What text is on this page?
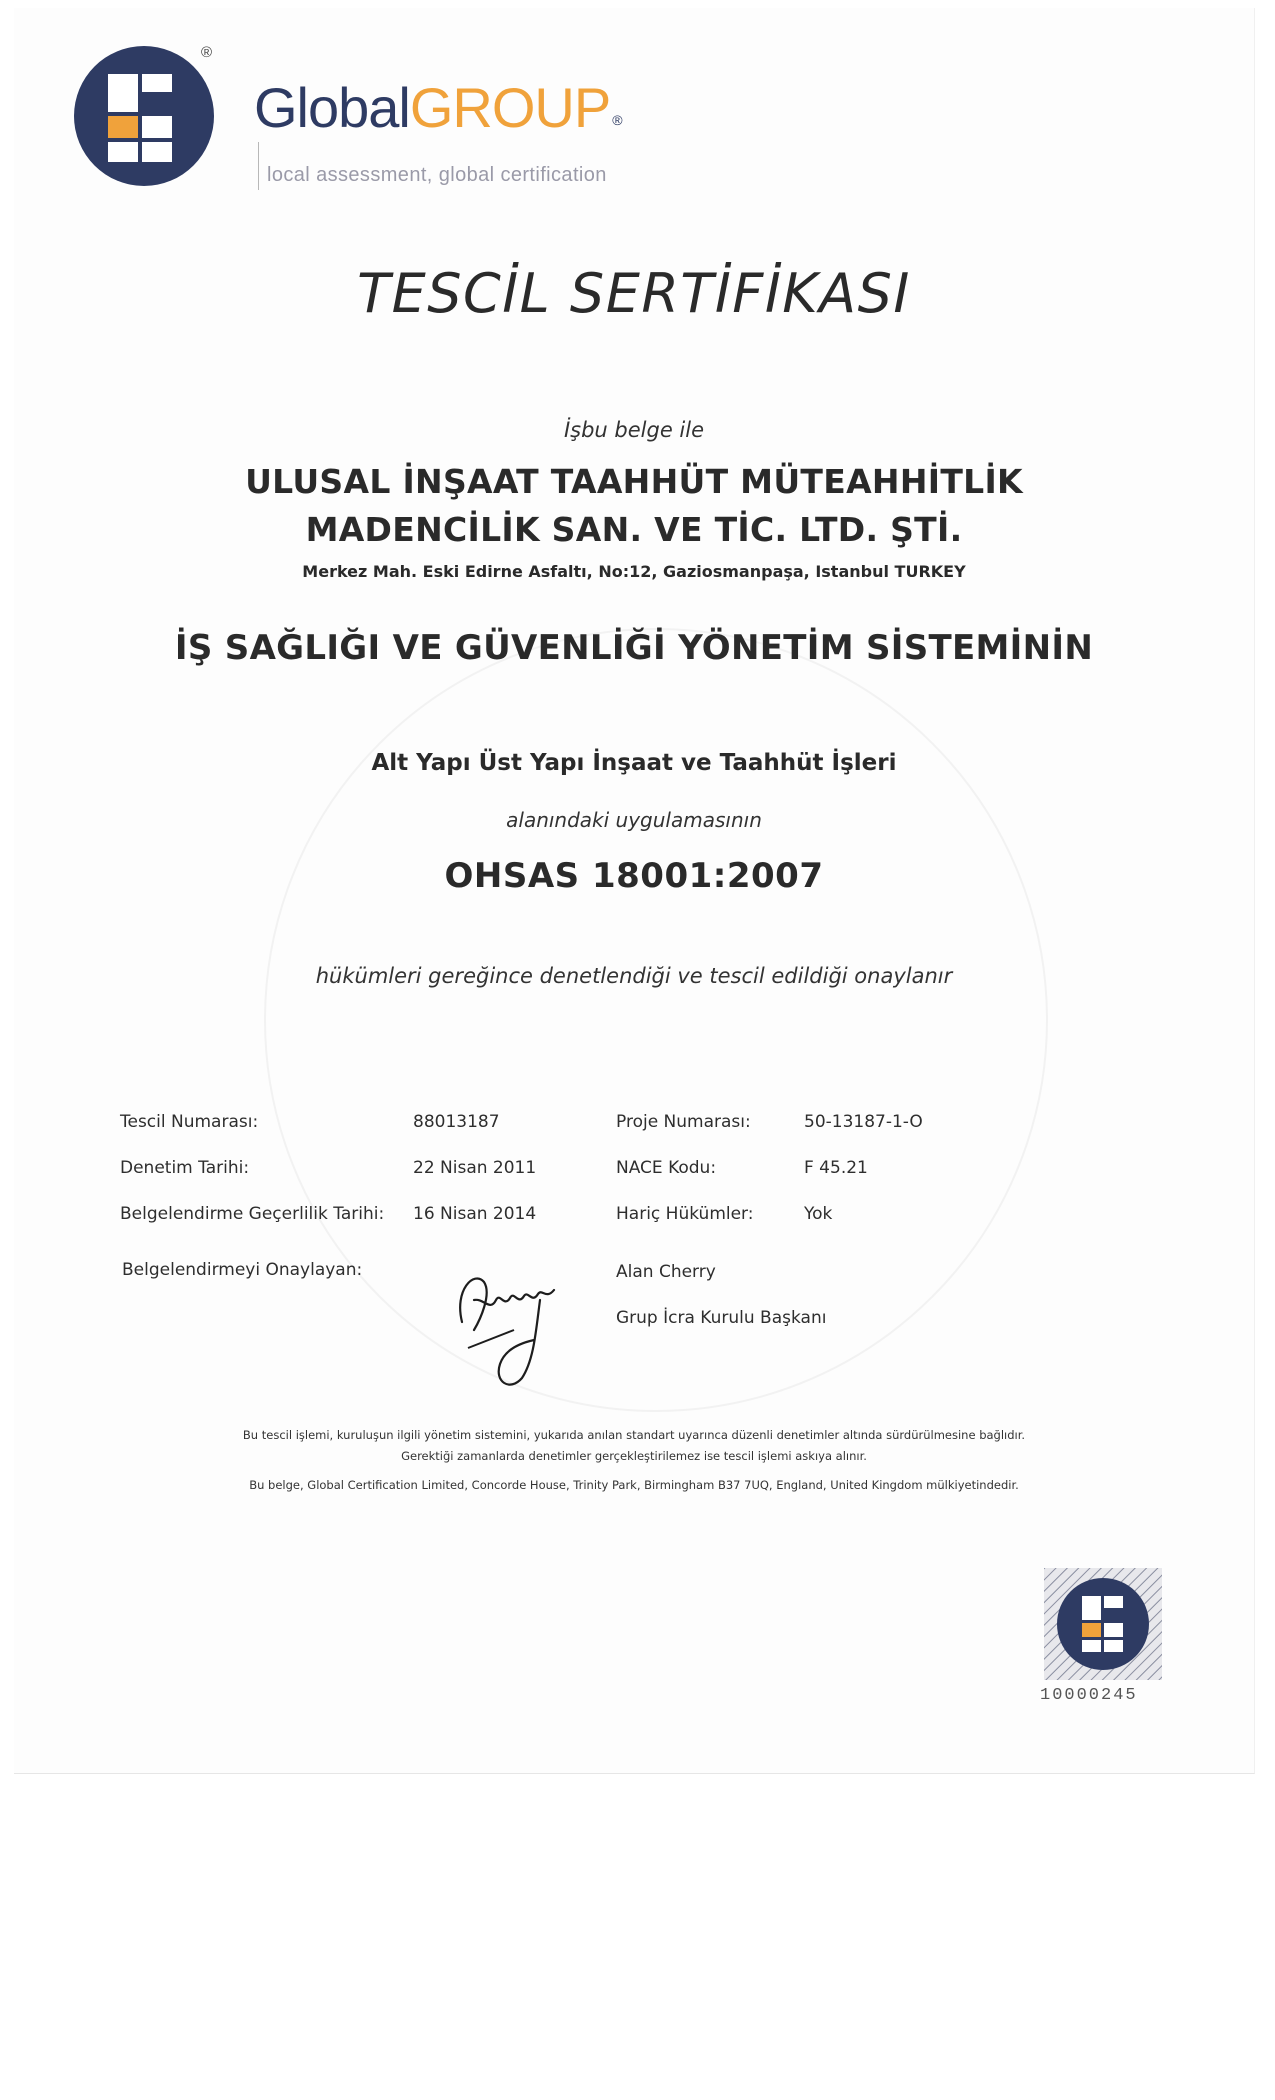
®
GlobalGROUP ®
local assessment, global certification
TESCİL SERTİFİKASI
İşbu belge ile
ULUSAL İNŞAAT TAAHHÜT MÜTEAHHİTLİK
MADENCİLİK SAN. VE TİC. LTD. ŞTİ.
Merkez Mah. Eski Edirne Asfaltı, No:12, Gaziosmanpaşa, Istanbul TURKEY
İŞ SAĞLIĞI VE GÜVENLİĞİ YÖNETİM SİSTEMİNİN
Alt Yapı Üst Yapı İnşaat ve Taahhüt İşleri
alanındaki uygulamasının
OHSAS 18001:2007
hükümleri gereğince denetlendiği ve tescil edildiği onaylanır
Tescil Numarası:	88013187	Proje Numarası:	50-13187-1-O
Denetim Tarihi:	22 Nisan 2011	NACE Kodu:	F 45.21
Belgelendirme Geçerlilik Tarihi: 16 Nisan 2014	Hariç Hükümler:	Yok
Belgelendirmeyi Onaylayan:	Alan Cherry
Grup İcra Kurulu Başkanı
Bu tescil işlemi, kuruluşun ilgili yönetim sistemini, yukarıda anılan standart uyarınca düzenli denetimler altında sürdürülmesine bağlıdır.
Gerektiği zamanlarda denetimler gerçekleştirilemez ise tescil işlemi askıya alınır.
Bu belge, Global Certification Limited, Concorde House, Trinity Park, Birmingham B37 7UQ, England, United Kingdom mülkiyetindedir.
10000245
